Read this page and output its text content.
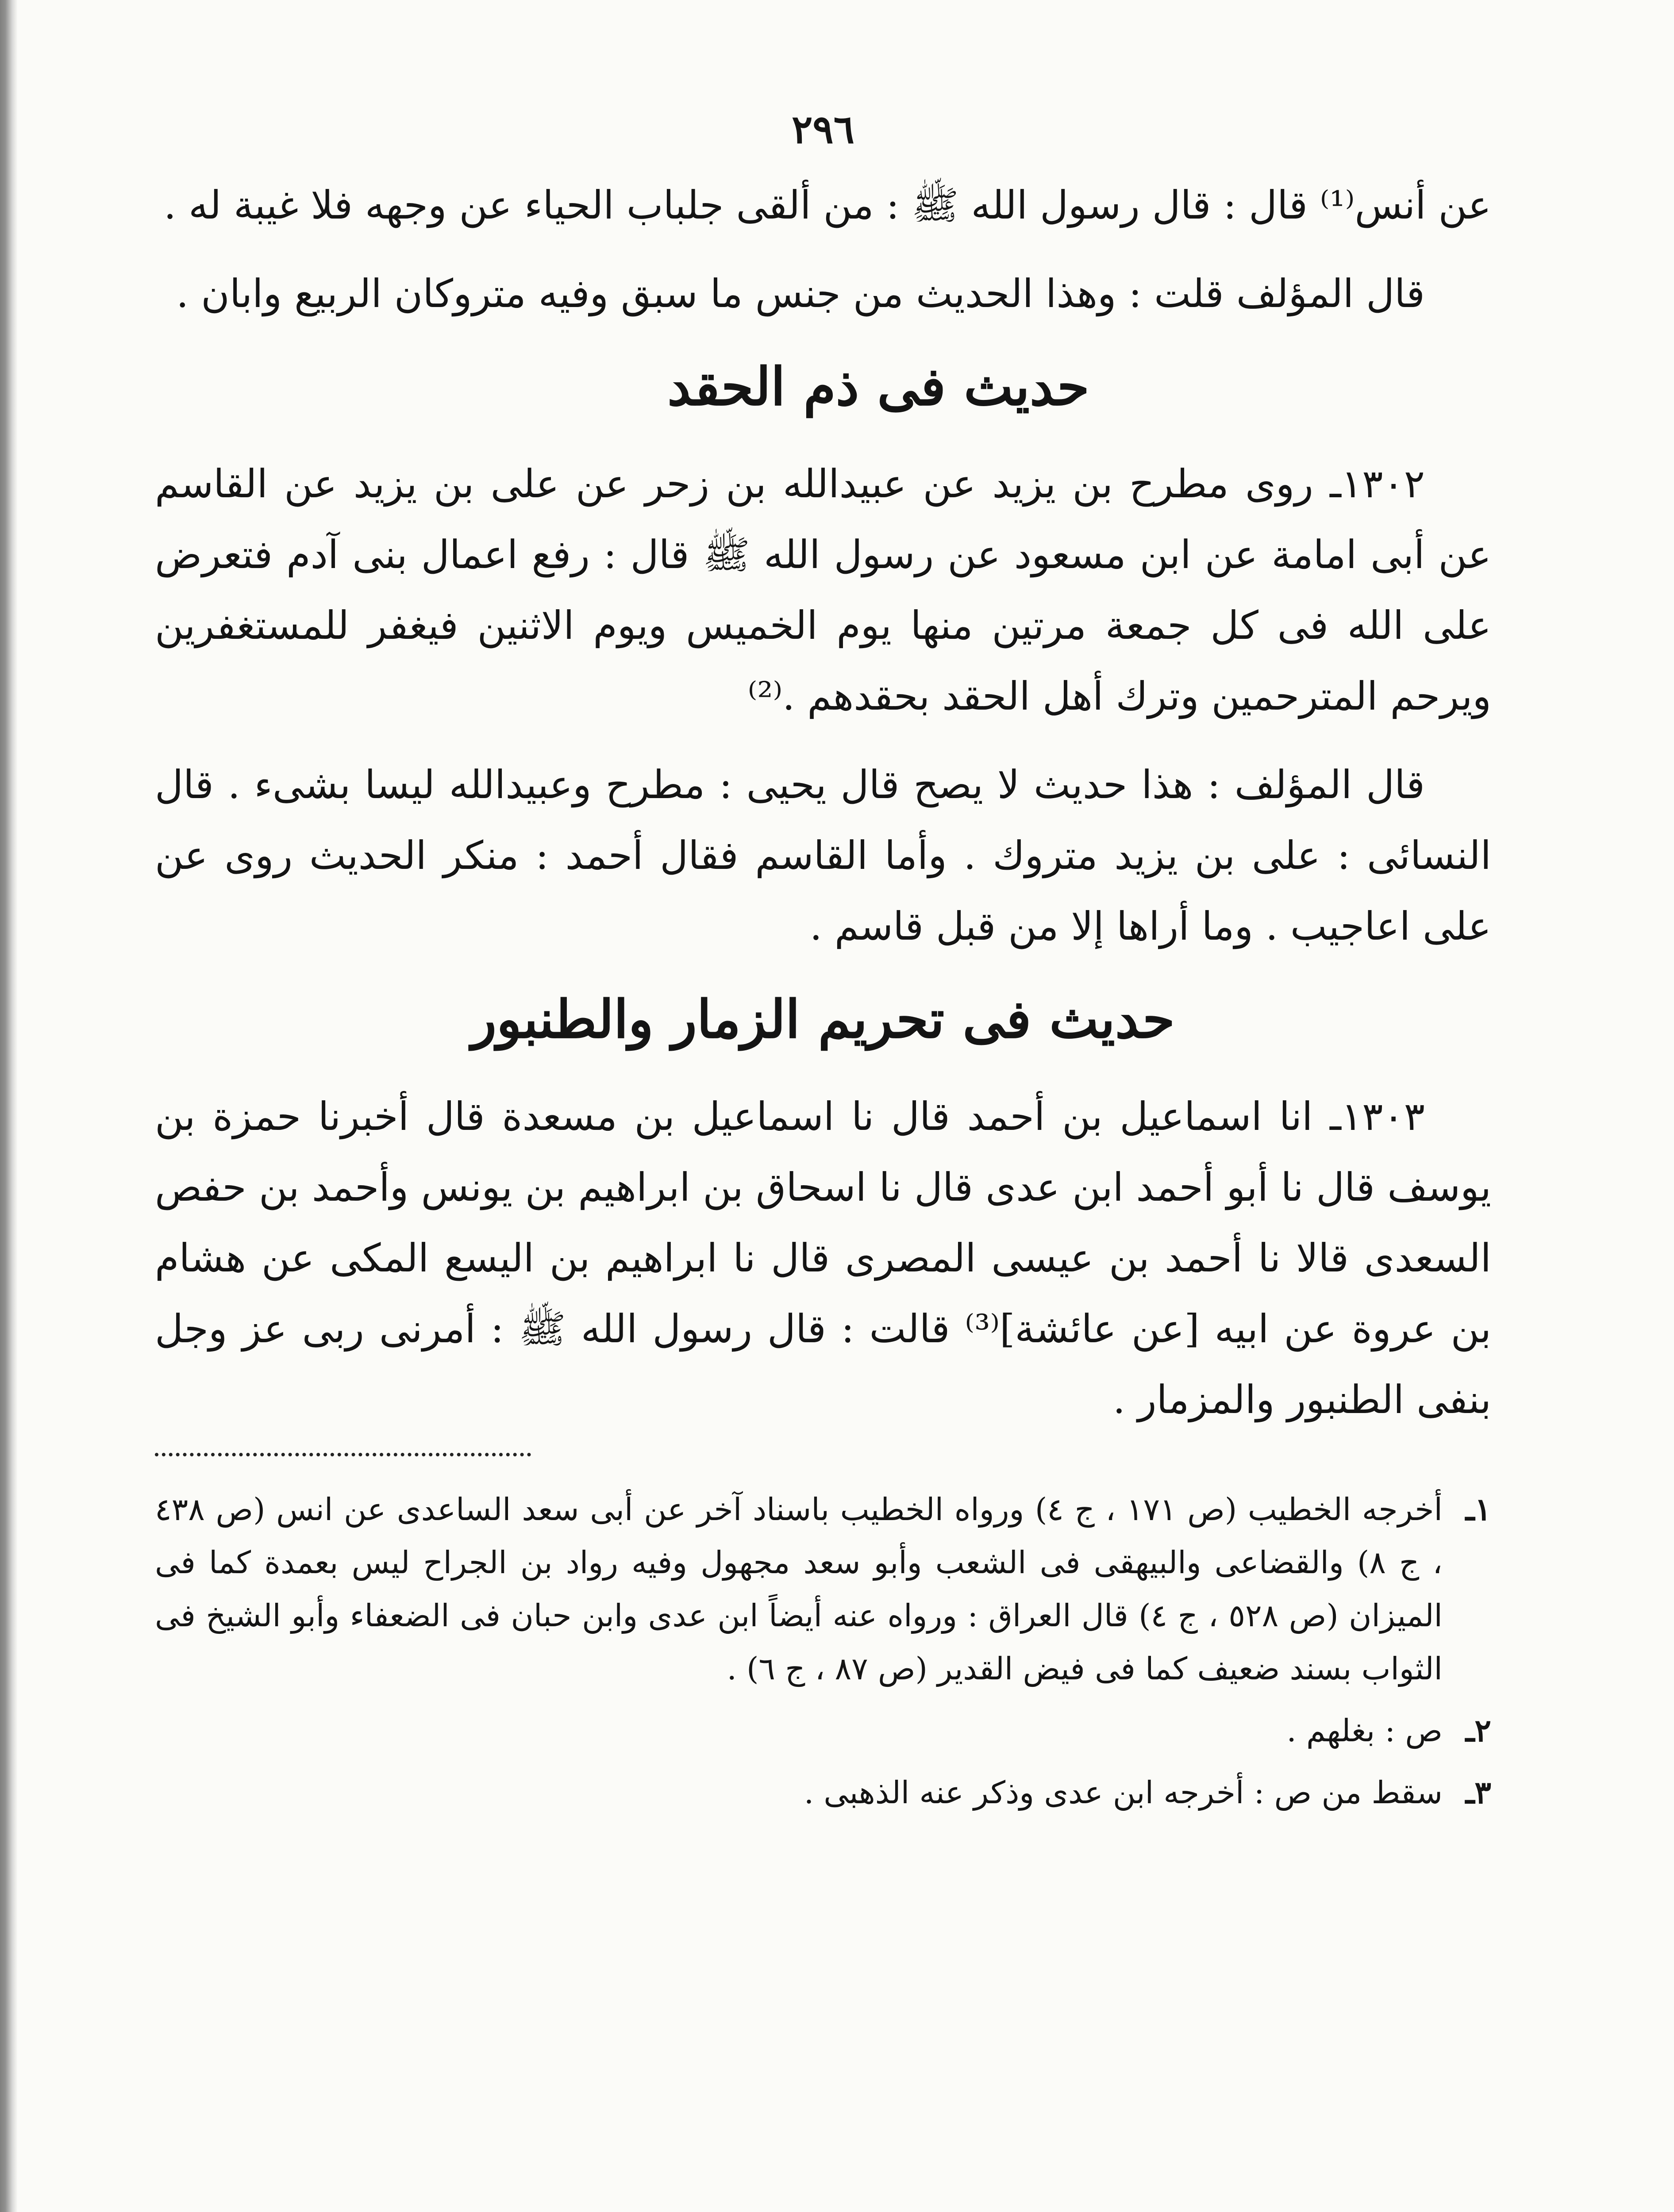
٢٩٦

عن أنس⁽¹⁾ قال : قال رسول الله ﷺ : من ألقى جلباب الحياء عن وجهه فلا غيبة له .

قال المؤلف قلت : وهذا الحديث من جنس ما سبق وفيه متروكان الربيع وابان .

حديث فى ذم الحقد

١٣٠٢ـ روى مطرح بن يزيد عن عبيدالله بن زحر عن على بن يزيد عن القاسم عن أبى امامة عن ابن مسعود عن رسول الله ﷺ قال : رفع اعمال بنى آدم فتعرض على الله فى كل جمعة مرتين منها يوم الخميس ويوم الاثنين فيغفر للمستغفرين ويرحم المترحمين وترك أهل الحقد بحقدهم .⁽²⁾

قال المؤلف : هذا حديث لا يصح قال يحيى : مطرح وعبيدالله ليسا بشىء . قال النسائى : على بن يزيد متروك . وأما القاسم فقال أحمد : منكر الحديث روى عن على اعاجيب . وما أراها إلا من قبل قاسم .

حديث فى تحريم الزمار والطنبور

١٣٠٣ـ انا اسماعيل بن أحمد قال نا اسماعيل بن مسعدة قال أخبرنا حمزة بن يوسف قال نا أبو أحمد ابن عدى قال نا اسحاق بن ابراهيم بن يونس وأحمد بن حفص السعدى قالا نا أحمد بن عيسى المصرى قال نا ابراهيم بن اليسع المكى عن هشام بن عروة عن ابيه [عن عائشة]⁽³⁾ قالت : قال رسول الله ﷺ : أمرنى ربى عز وجل بنفى الطنبور والمزمار .

١ـأخرجه الخطيب (ص ١٧١ ، ج ٤) ورواه الخطيب باسناد آخر عن أبى سعد الساعدى عن انس (ص ٤٣٨ ، ج ٨) والقضاعى والبيهقى فى الشعب وأبو سعد مجهول وفيه رواد بن الجراح ليس بعمدة كما فى الميزان (ص ٥٢٨ ، ج ٤) قال العراق : ورواه عنه أيضاً ابن عدى وابن حبان فى الضعفاء وأبو الشيخ فى الثواب بسند ضعيف كما فى فيض القدير (ص ٨٧ ، ج ٦) .

٢ـص : بغلهم .

٣ـسقط من ص : أخرجه ابن عدى وذكر عنه الذهبى .
